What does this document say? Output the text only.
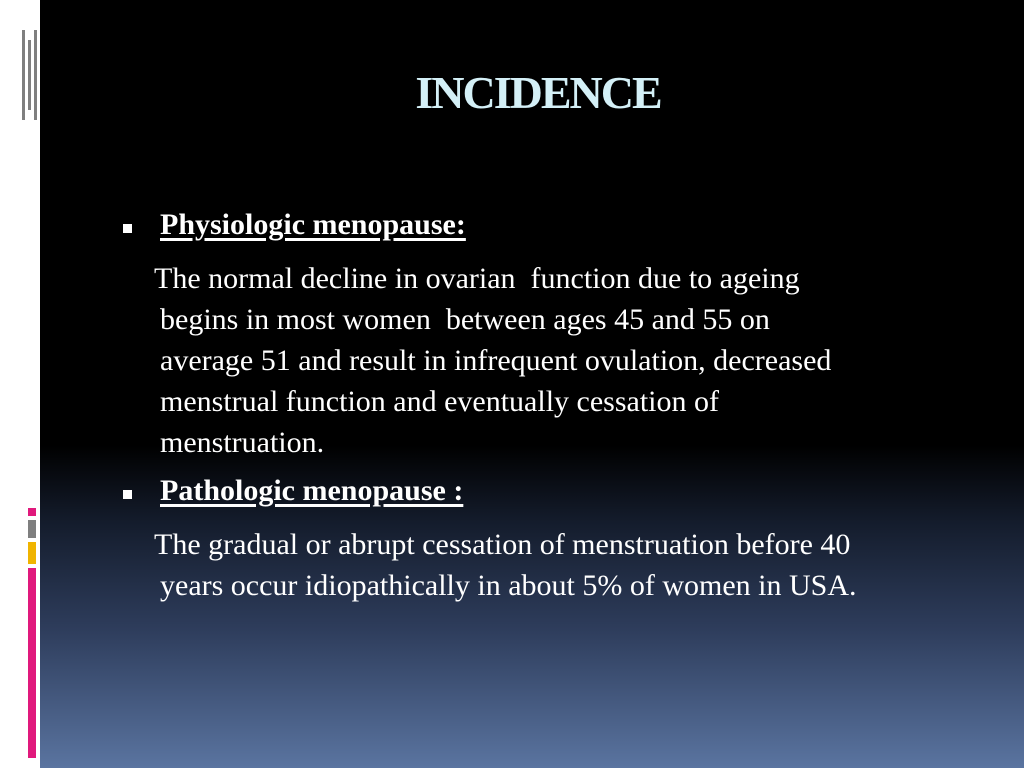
INCIDENCE
Physiologic menopause:
The normal decline in ovarian  function due to ageing
begins in most women  between ages 45 and 55 on
average 51 and result in infrequent ovulation, decreased
menstrual function and eventually cessation of
menstruation.
Pathologic menopause :
The gradual or abrupt cessation of menstruation before 40
years occur idiopathically in about 5% of women in USA.
